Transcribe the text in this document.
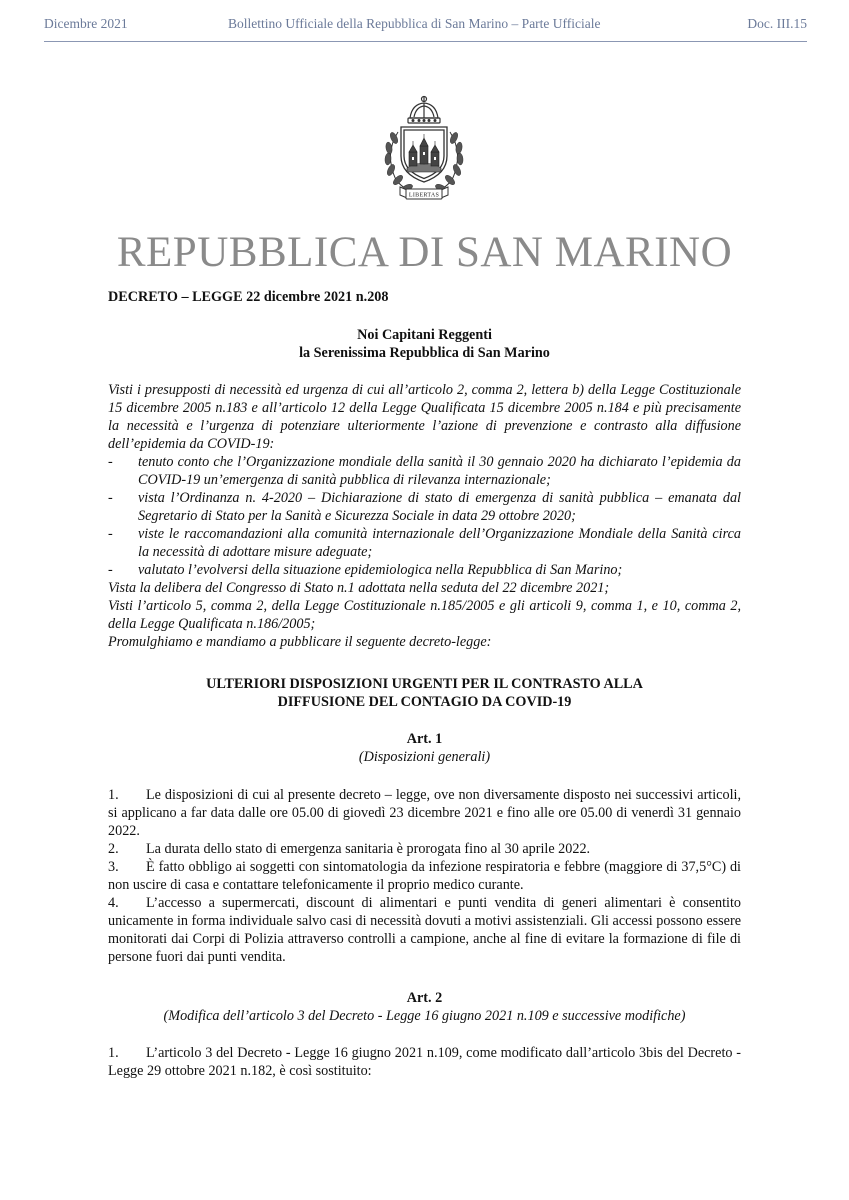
Dicembre 2021	Bollettino Ufficiale della Repubblica di San Marino – Parte Ufficiale	Doc. III.15
LIBERTAS
REPUBBLICA DI SAN MARINO
DECRETO – LEGGE 22 dicembre 2021 n.208
Noi Capitani Reggenti
la Serenissima Repubblica di San Marino
Visti i presupposti di necessità ed urgenza di cui all’articolo 2, comma 2, lettera b) della Legge Costituzionale 15 dicembre 2005 n.183 e all’articolo 12 della Legge Qualificata 15 dicembre 2005 n.184 e più precisamente la necessità e l’urgenza di potenziare ulteriormente l’azione di prevenzione e contrasto alla diffusione dell’epidemia da COVID-19:
- tenuto conto che l’Organizzazione mondiale della sanità il 30 gennaio 2020 ha dichiarato l’epidemia da COVID-19 un’emergenza di sanità pubblica di rilevanza internazionale;
- vista l’Ordinanza n. 4-2020 – Dichiarazione di stato di emergenza di sanità pubblica – emanata dal Segretario di Stato per la Sanità e Sicurezza Sociale in data 29 ottobre 2020;
- viste le raccomandazioni alla comunità internazionale dell’Organizzazione Mondiale della Sanità circa la necessità di adottare misure adeguate;
- valutato l’evolversi della situazione epidemiologica nella Repubblica di San Marino;
Vista la delibera del Congresso di Stato n.1 adottata nella seduta del 22 dicembre 2021;
Visti l’articolo 5, comma 2, della Legge Costituzionale n.185/2005 e gli articoli 9, comma 1, e 10, comma 2, della Legge Qualificata n.186/2005;
Promulghiamo e mandiamo a pubblicare il seguente decreto-legge:
ULTERIORI DISPOSIZIONI URGENTI PER IL CONTRASTO ALLA
DIFFUSIONE DEL CONTAGIO DA COVID-19
Art. 1
(Disposizioni generali)
1. Le disposizioni di cui al presente decreto – legge, ove non diversamente disposto nei successivi articoli, si applicano a far data dalle ore 05.00 di giovedì 23 dicembre 2021 e fino alle ore 05.00 di venerdì 31 gennaio 2022.
2. La durata dello stato di emergenza sanitaria è prorogata fino al 30 aprile 2022.
3. È fatto obbligo ai soggetti con sintomatologia da infezione respiratoria e febbre (maggiore di 37,5°C) di non uscire di casa e contattare telefonicamente il proprio medico curante.
4. L’accesso a supermercati, discount di alimentari e punti vendita di generi alimentari è consentito unicamente in forma individuale salvo casi di necessità dovuti a motivi assistenziali. Gli accessi possono essere monitorati dai Corpi di Polizia attraverso controlli a campione, anche al fine di evitare la formazione di file di persone fuori dai punti vendita.
Art. 2
(Modifica dell’articolo 3 del Decreto - Legge 16 giugno 2021 n.109 e successive modifiche)
1. L’articolo 3 del Decreto - Legge 16 giugno 2021 n.109, come modificato dall’articolo 3bis del Decreto - Legge 29 ottobre 2021 n.182, è così sostituito:
